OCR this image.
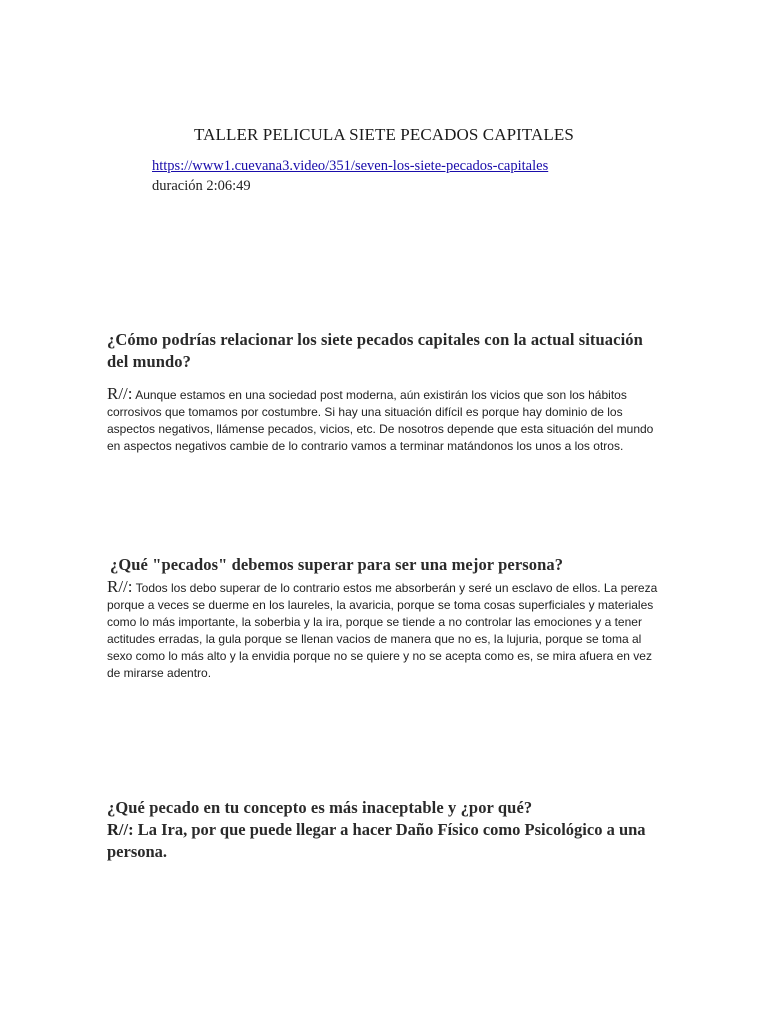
TALLER PELICULA SIETE PECADOS CAPITALES
https://www1.cuevana3.video/351/seven-los-siete-pecados-capitales
duración 2:06:49
¿Cómo podrías relacionar los siete pecados capitales con la actual situación del mundo?
R//: Aunque estamos en una sociedad post moderna, aún existirán los vicios que son los hábitos corrosivos que tomamos por costumbre. Si hay una situación difícil es porque hay dominio de los aspectos negativos, llámense pecados, vicios, etc. De nosotros depende que esta situación del mundo en aspectos negativos cambie de lo contrario vamos a terminar matándonos los unos a los otros.
¿Qué "pecados" debemos superar para ser una mejor persona?
R//: Todos los debo superar de lo contrario estos me absorberán y seré un esclavo de ellos. La pereza porque a veces se duerme en los laureles, la avaricia, porque se toma cosas superficiales y materiales como lo más importante, la soberbia y la ira, porque se tiende a no controlar las emociones y a tener actitudes erradas, la gula porque se llenan vacios de manera que no es, la lujuria, porque se toma al sexo como lo más alto y la envidia porque no se quiere y no se acepta como es, se mira afuera en vez de mirarse adentro.
¿Qué pecado en tu concepto es más inaceptable y ¿por qué?
R//: La Ira, por que puede llegar a hacer Daño Físico como Psicológico a una persona.
